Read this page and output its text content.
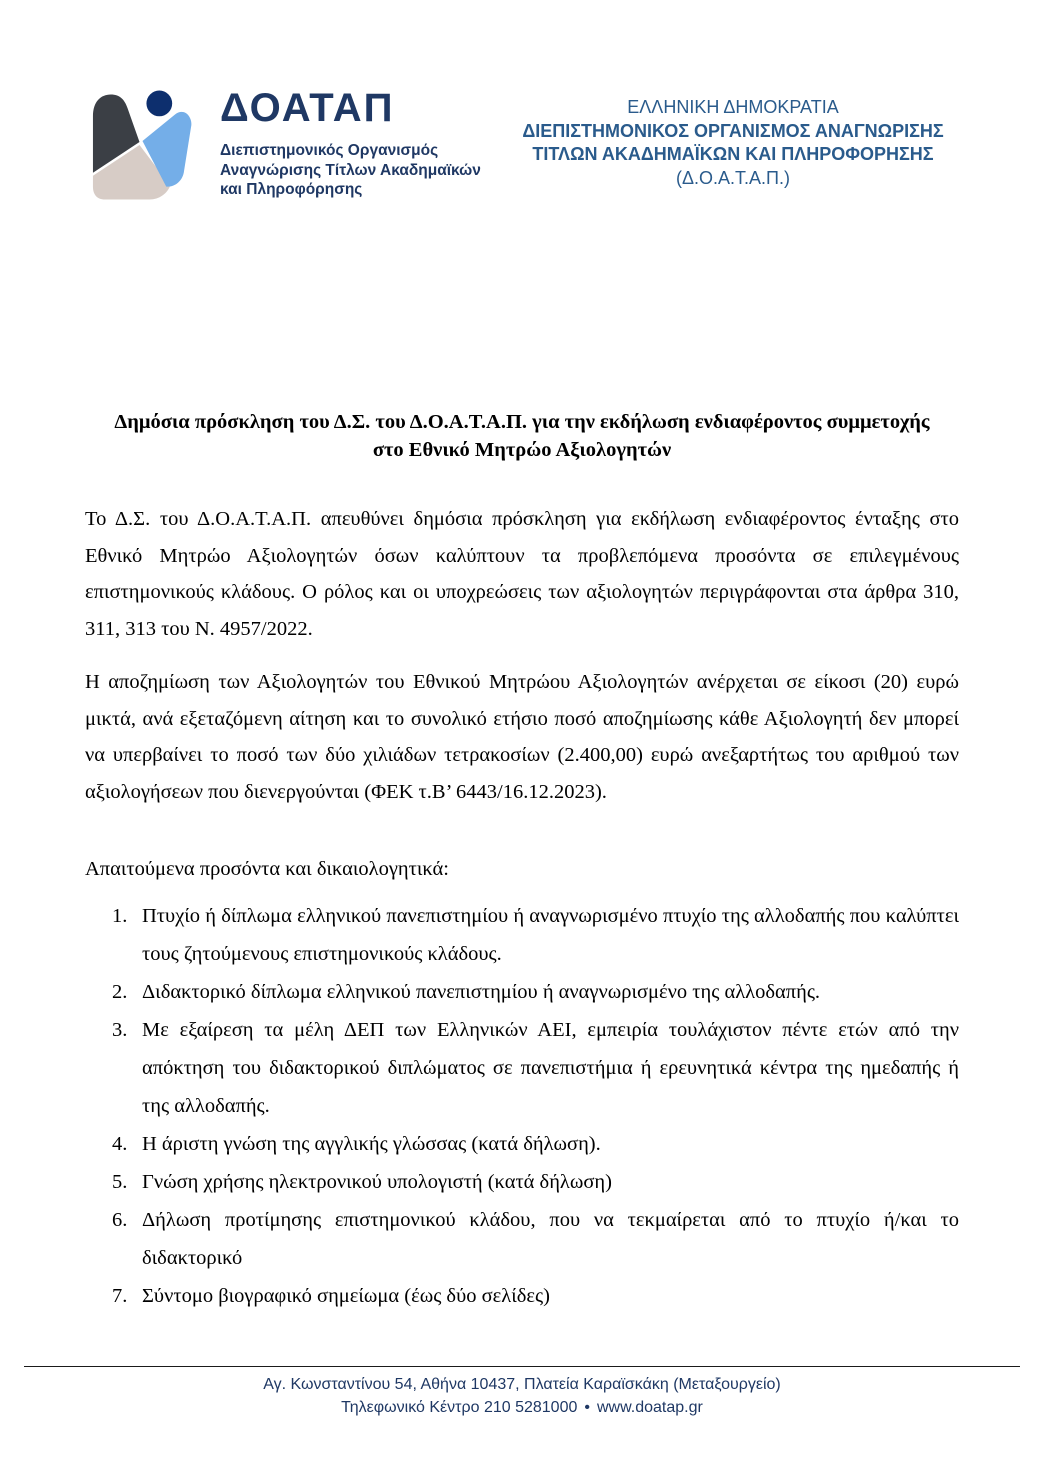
ΔΟΑΤΑΠ
Διεπιστημονικός Οργανισμός
Αναγνώρισης Τίτλων Ακαδημαϊκών
και Πληροφόρησης
ΕΛΛΗΝΙΚΗ ΔΗΜΟΚΡΑΤΙΑ
ΔΙΕΠΙΣΤΗΜΟΝΙΚΟΣ ΟΡΓΑΝΙΣΜΟΣ ΑΝΑΓΝΩΡΙΣΗΣ
ΤΙΤΛΩΝ ΑΚΑΔΗΜΑΪΚΩΝ ΚΑΙ ΠΛΗΡΟΦΟΡΗΣΗΣ
(Δ.Ο.Α.Τ.Α.Π.)
Δημόσια πρόσκληση του Δ.Σ. του Δ.Ο.Α.Τ.Α.Π. για την εκδήλωση ενδιαφέροντος συμμετοχής
στο Εθνικό Μητρώο Αξιολογητών

Το Δ.Σ. του Δ.Ο.Α.Τ.Α.Π. απευθύνει δημόσια πρόσκληση για εκδήλωση ενδιαφέροντος ένταξης στο Εθνικό Μητρώο Αξιολογητών όσων καλύπτουν τα προβλεπόμενα προσόντα σε επιλεγμένους επιστημονικούς κλάδους. Ο ρόλος και οι υποχρεώσεις των αξιολογητών περιγράφονται στα άρθρα 310, 311, 313 του Ν. 4957/2022.

Η αποζημίωση των Αξιολογητών του Εθνικού Μητρώου Αξιολογητών ανέρχεται σε είκοσι (20) ευρώ μικτά, ανά εξεταζόμενη αίτηση και το συνολικό ετήσιο ποσό αποζημίωσης κάθε Αξιολογητή δεν μπορεί να υπερβαίνει το ποσό των δύο χιλιάδων τετρακοσίων (2.400,00) ευρώ ανεξαρτήτως του αριθμού των αξιολογήσεων που διενεργούνται (ΦΕΚ τ.Β’ 6443/16.12.2023).

Απαιτούμενα προσόντα και δικαιολογητικά:

1. Πτυχίο ή δίπλωμα ελληνικού πανεπιστημίου ή αναγνωρισμένο πτυχίο της αλλοδαπής που καλύπτει τους ζητούμενους επιστημονικούς κλάδους.
2. Διδακτορικό δίπλωμα ελληνικού πανεπιστημίου ή αναγνωρισμένο της αλλοδαπής.
3. Με εξαίρεση τα μέλη ΔΕΠ των Ελληνικών ΑΕΙ, εμπειρία τουλάχιστον πέντε ετών από την απόκτηση του διδακτορικού διπλώματος σε πανεπιστήμια ή ερευνητικά κέντρα της ημεδαπής ή της αλλοδαπής.
4. Η άριστη γνώση της αγγλικής γλώσσας (κατά δήλωση).
5. Γνώση χρήσης ηλεκτρονικού υπολογιστή (κατά δήλωση)
6. Δήλωση προτίμησης επιστημονικού κλάδου, που να τεκμαίρεται από το πτυχίο ή/και το διδακτορικό
7. Σύντομο βιογραφικό σημείωμα (έως δύο σελίδες)
Αγ. Κωνσταντίνου 54, Αθήνα 10437, Πλατεία Καραϊσκάκη (Μεταξουργείο)
Τηλεφωνικό Κέντρο 210 5281000 • www.doatap.gr
